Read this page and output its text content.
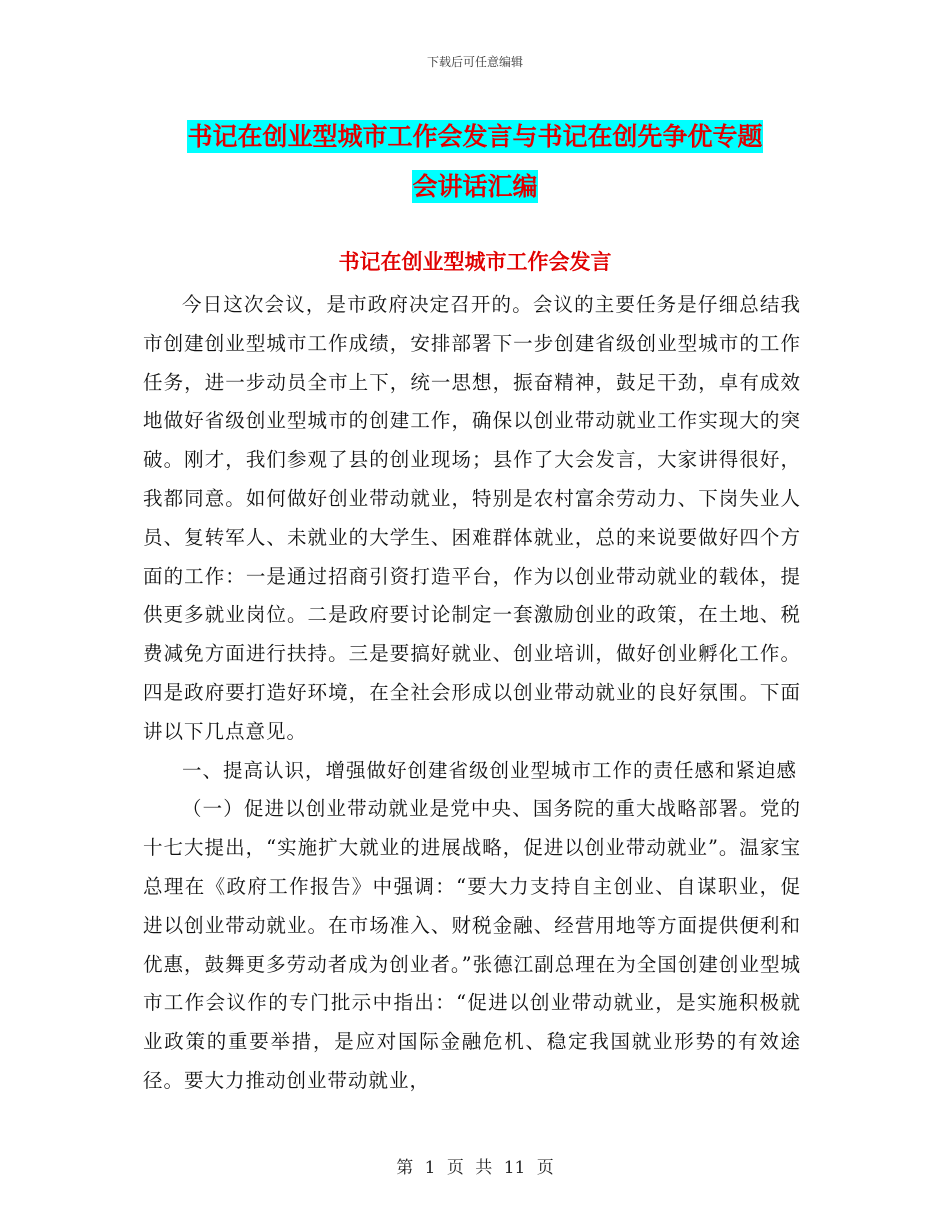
下载后可任意编辑
书记在创业型城市工作会发言与书记在创先争优专题
会讲话汇编
书记在创业型城市工作会发言

今日这次会议，是市政府决定召开的。会议的主要任务是仔细总结我市创建创业型城市工作成绩，安排部署下一步创建省级创业型城市的工作任务，进一步动员全市上下，统一思想，振奋精神，鼓足干劲，卓有成效地做好省级创业型城市的创建工作，确保以创业带动就业工作实现大的突破。刚才，我们参观了县的创业现场；县作了大会发言，大家讲得很好，我都同意。如何做好创业带动就业，特别是农村富余劳动力、下岗失业人员、复转军人、未就业的大学生、困难群体就业，总的来说要做好四个方面的工作：一是通过招商引资打造平台，作为以创业带动就业的载体，提供更多就业岗位。二是政府要讨论制定一套激励创业的政策，在土地、税费减免方面进行扶持。三是要搞好就业、创业培训，做好创业孵化工作。四是政府要打造好环境，在全社会形成以创业带动就业的良好氛围。下面讲以下几点意见。

一、提高认识，增强做好创建省级创业型城市工作的责任感和紧迫感

（一）促进以创业带动就业是党中央、国务院的重大战略部署。党的十七大提出，“实施扩大就业的进展战略，促进以创业带动就业”。温家宝总理在《政府工作报告》中强调：“要大力支持自主创业、自谋职业，促进以创业带动就业。在市场准入、财税金融、经营用地等方面提供便利和优惠，鼓舞更多劳动者成为创业者。”张德江副总理在为全国创建创业型城市工作会议作的专门批示中指出：“促进以创业带动就业，是实施积极就业政策的重要举措，是应对国际金融危机、稳定我国就业形势的有效途径。要大力推动创业带动就业，

第 1 页 共 11 页
